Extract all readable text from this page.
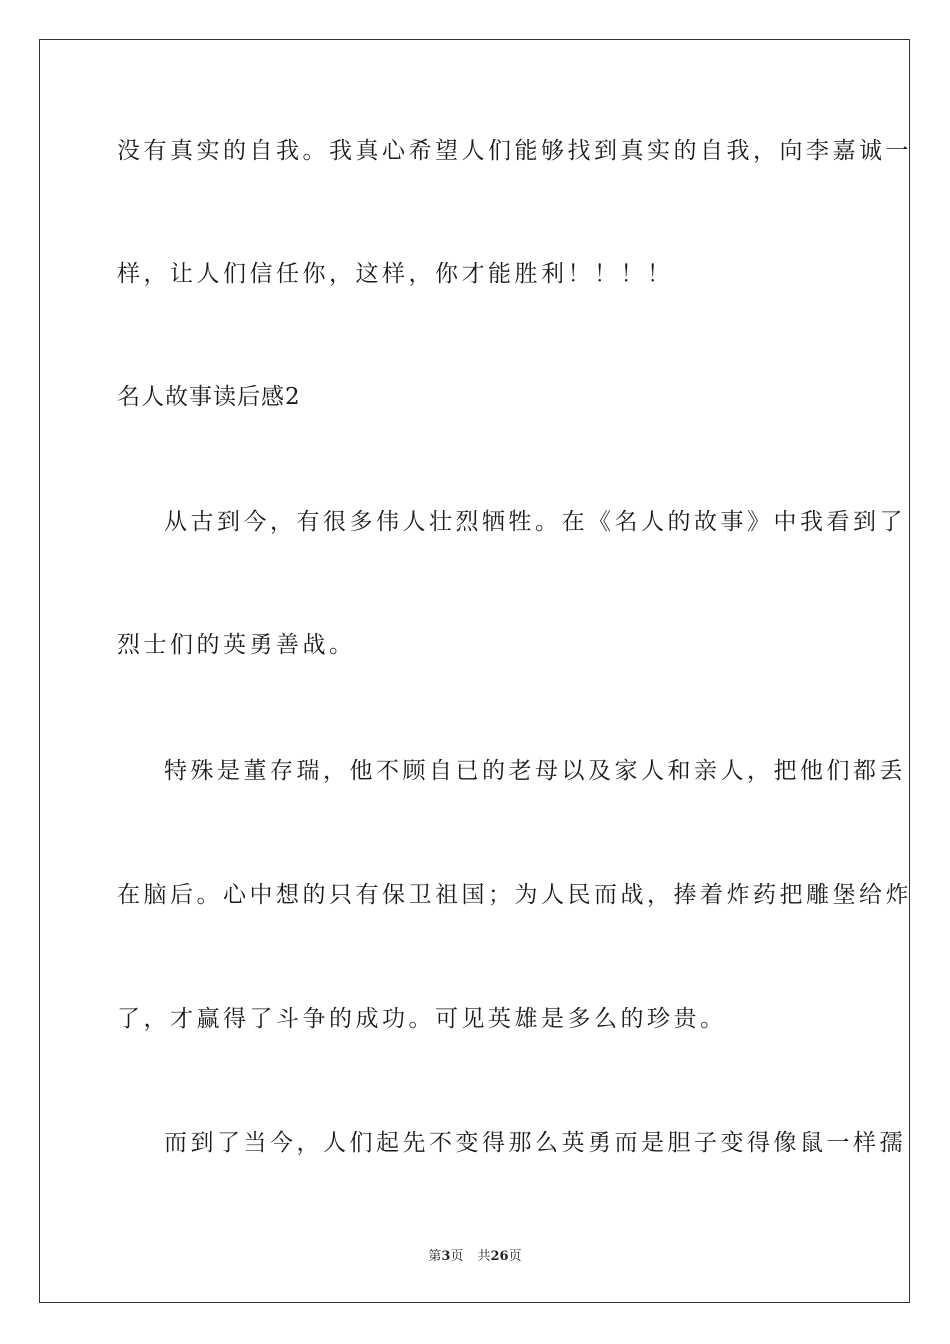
没有真实的自我。我真心希望人们能够找到真实的自我，向李嘉诚一
样，让人们信任你，这样，你才能胜利！！！！
名人故事读后感2
从古到今，有很多伟人壮烈牺牲。在《名人的故事》中我看到了
烈士们的英勇善战。
特殊是董存瑞，他不顾自已的老母以及家人和亲人，把他们都丢
在脑后。心中想的只有保卫祖国；为人民而战，捧着炸药把雕堡给炸
了，才赢得了斗争的成功。可见英雄是多么的珍贵。
而到了当今，人们起先不变得那么英勇而是胆子变得像鼠一样孺
第3页 共26页
